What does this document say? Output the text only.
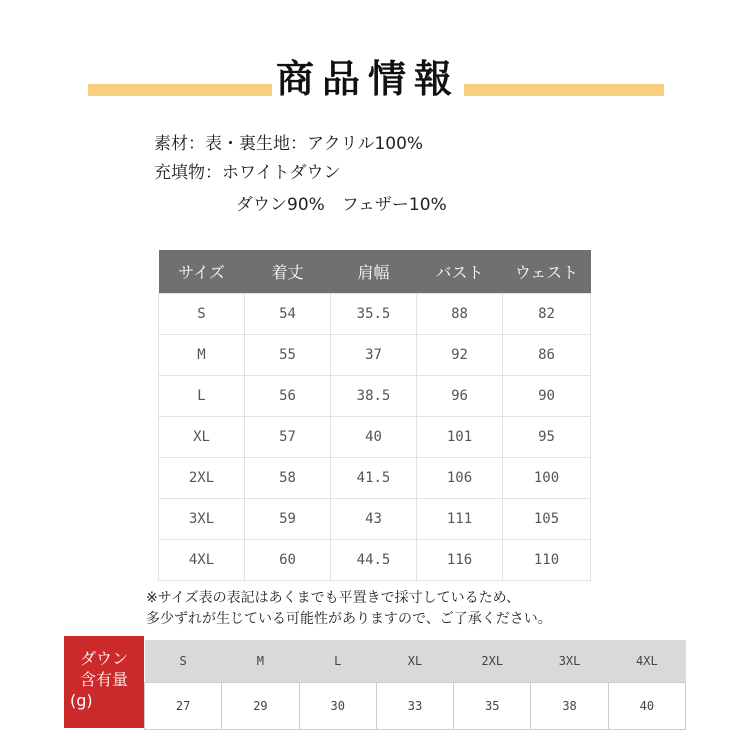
商品情報
素材：表・裏生地：アクリル100%
充填物：ホワイトダウン
ダウン90%　フェザー10%
サイズ	着丈	肩幅	バスト	ウェスト
S	54	35.5	88	82
M	55	37	92	86
L	56	38.5	96	90
XL	57	40	101	95
2XL	58	41.5	106	100
3XL	59	43	111	105
4XL	60	44.5	116	110
※サイズ表の表記はあくまでも平置きで採寸しているため、
多少ずれが生じている可能性がありますので、ご了承ください。
ダウン
含有量
(g)
S	M	L	XL	2XL	3XL	4XL
27	29	30	33	35	38	40
